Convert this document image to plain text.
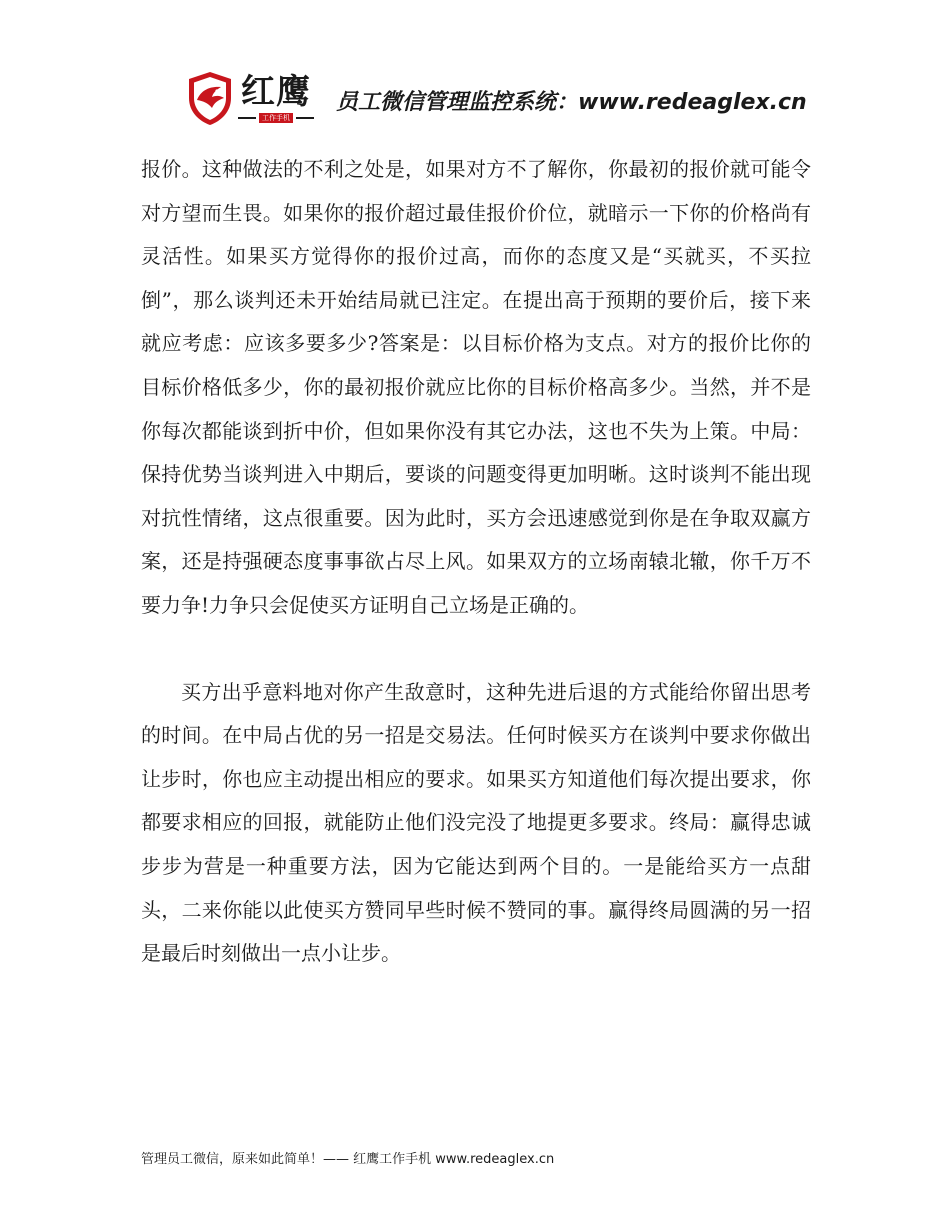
红鹰
工作手机
员工微信管理监控系统：www.redeaglex.cn

报价。这种做法的不利之处是，如果对方不了解你，你最初的报价就可能令对方望而生畏。如果你的报价超过最佳报价价位，就暗示一下你的价格尚有灵活性。如果买方觉得你的报价过高，而你的态度又是“买就买，不买拉倒”，那么谈判还未开始结局就已注定。在提出高于预期的要价后，接下来就应考虑：应该多要多少?答案是：以目标价格为支点。对方的报价比你的目标价格低多少，你的最初报价就应比你的目标价格高多少。当然，并不是你每次都能谈到折中价，但如果你没有其它办法，这也不失为上策。中局：保持优势当谈判进入中期后，要谈的问题变得更加明晰。这时谈判不能出现对抗性情绪，这点很重要。因为此时，买方会迅速感觉到你是在争取双赢方案，还是持强硬态度事事欲占尽上风。如果双方的立场南辕北辙，你千万不要力争!力争只会促使买方证明自己立场是正确的。

买方出乎意料地对你产生敌意时，这种先进后退的方式能给你留出思考的时间。在中局占优的另一招是交易法。任何时候买方在谈判中要求你做出让步时，你也应主动提出相应的要求。如果买方知道他们每次提出要求，你都要求相应的回报，就能防止他们没完没了地提更多要求。终局：赢得忠诚步步为营是一种重要方法，因为它能达到两个目的。一是能给买方一点甜头，二来你能以此使买方赞同早些时候不赞同的事。赢得终局圆满的另一招是最后时刻做出一点小让步。

管理员工微信，原来如此简单！—— 红鹰工作手机 www.redeaglex.cn
